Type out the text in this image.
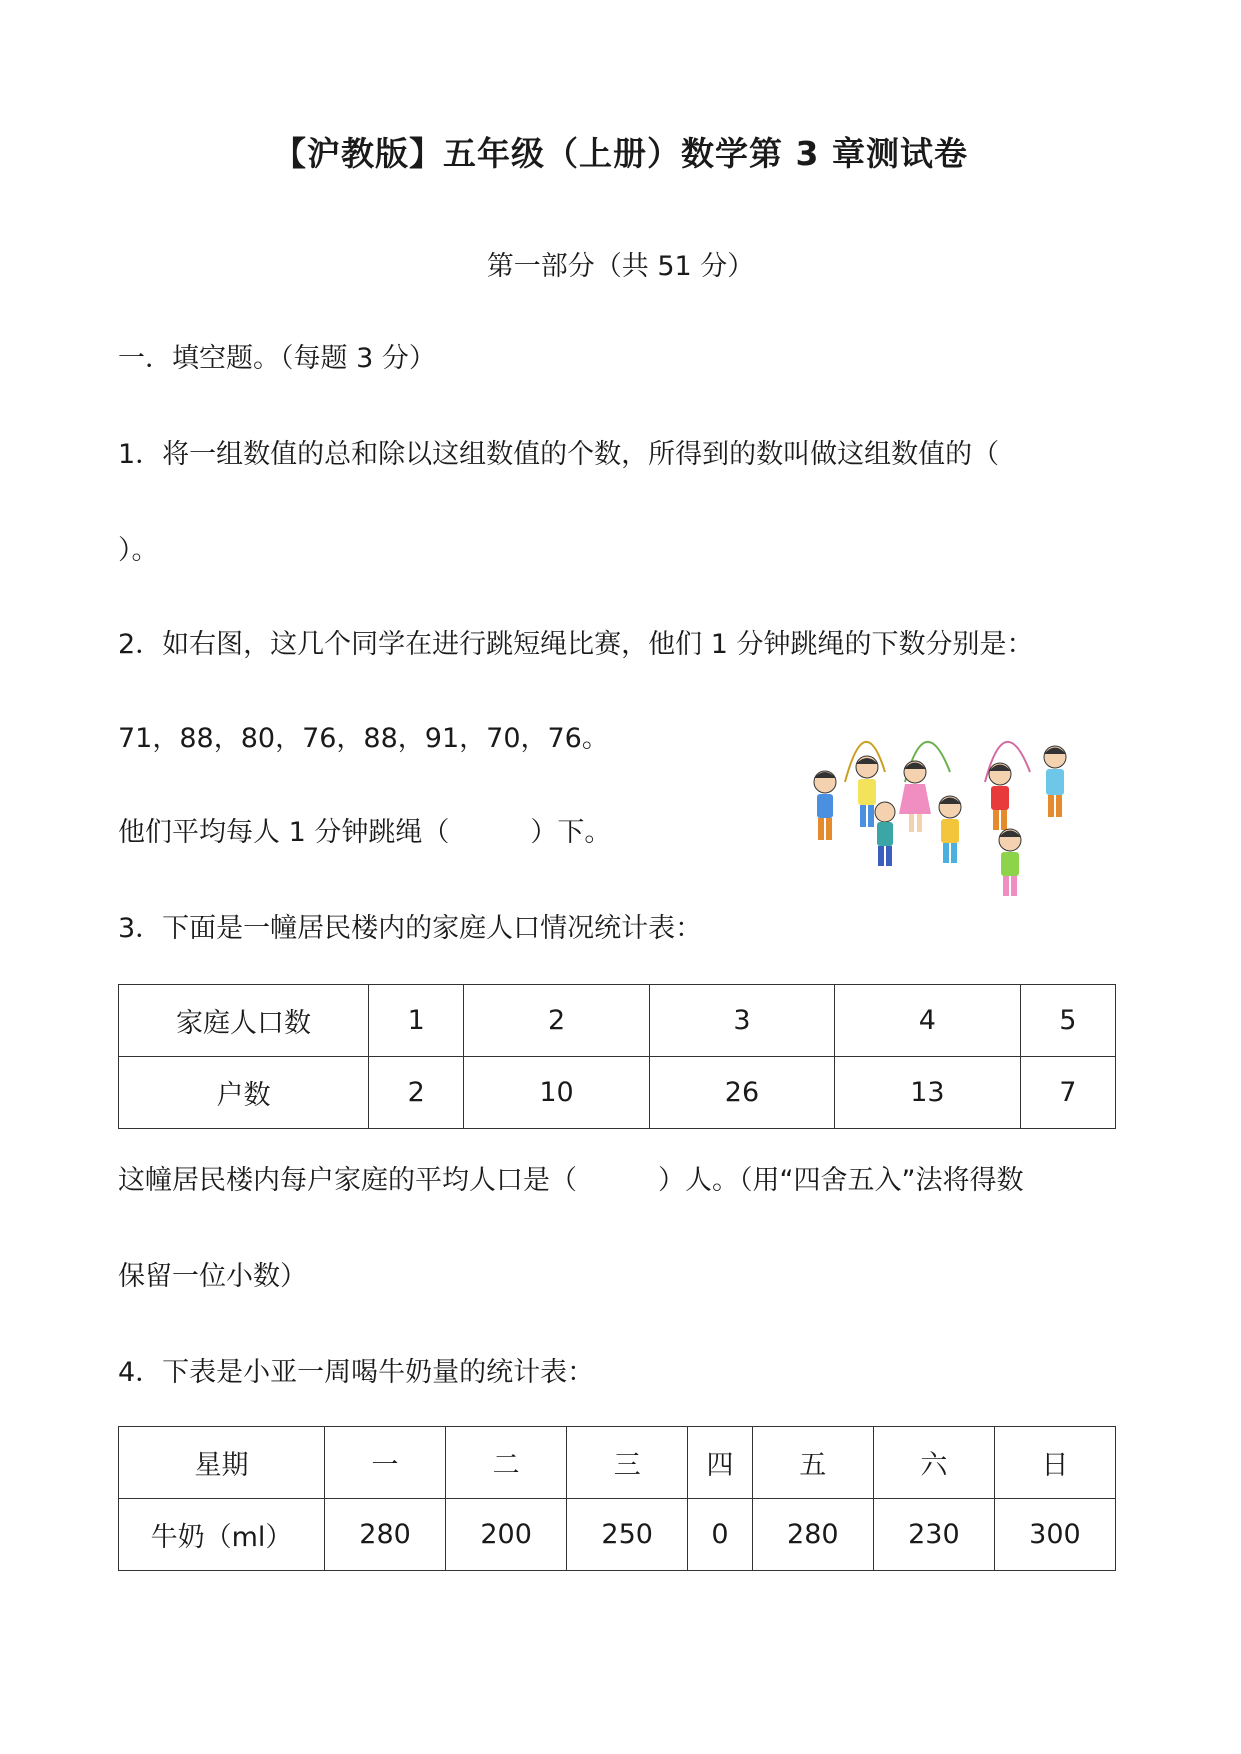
【沪教版】五年级（上册）数学第 3 章测试卷
第一部分（共 51 分）
一．填空题。（每题 3 分）
1．将一组数值的总和除以这组数值的个数，所得到的数叫做这组数值的（
）。
2．如右图，这几个同学在进行跳短绳比赛，他们 1 分钟跳绳的下数分别是：
71，88，80，76，88，91，70，76。
他们平均每人 1 分钟跳绳（　　　）下。
3．下面是一幢居民楼内的家庭人口情况统计表：
家庭人口数	1	2	3	4	5
户数	2	10	26	13	7
这幢居民楼内每户家庭的平均人口是（　　　）人。（用“四舍五入”法将得数
保留一位小数）
4．下表是小亚一周喝牛奶量的统计表：
星期	一	二	三	四	五	六	日
牛奶（ml）	280	200	250	0	280	230	300
